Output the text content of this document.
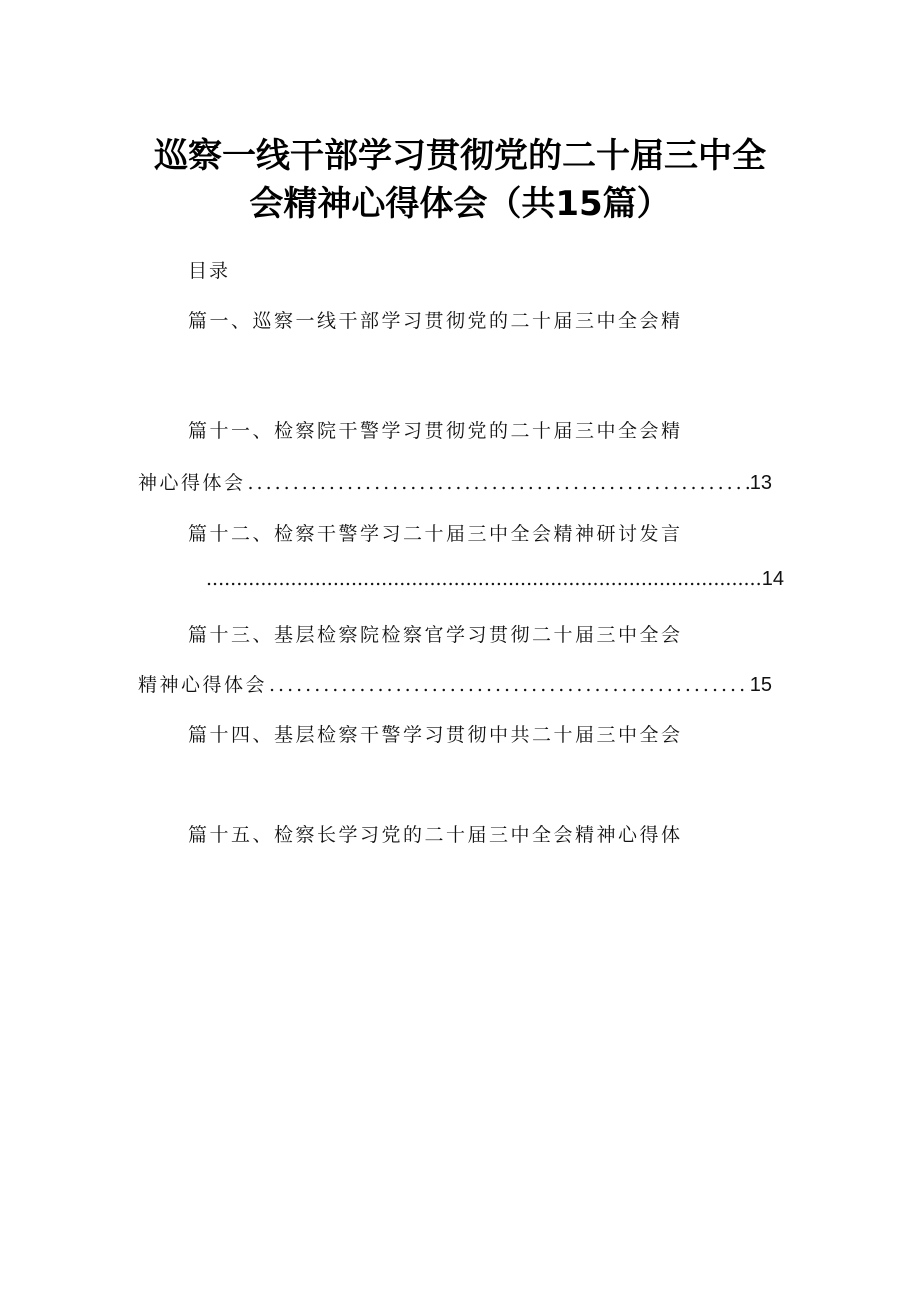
巡察一线干部学习贯彻党的二十届三中全
会精神心得体会（共15篇）
目录
篇一、巡察一线干部学习贯彻党的二十届三中全会精
篇十一、检察院干警学习贯彻党的二十届三中全会精
神心得体会 .....	13
篇十二、检察干警学习二十届三中全会精神研讨发言
.....
14
篇十三、基层检察院检察官学习贯彻二十届三中全会
精神心得体会 .....	15
篇十四、基层检察干警学习贯彻中共二十届三中全会
篇十五、检察长学习党的二十届三中全会精神心得体
